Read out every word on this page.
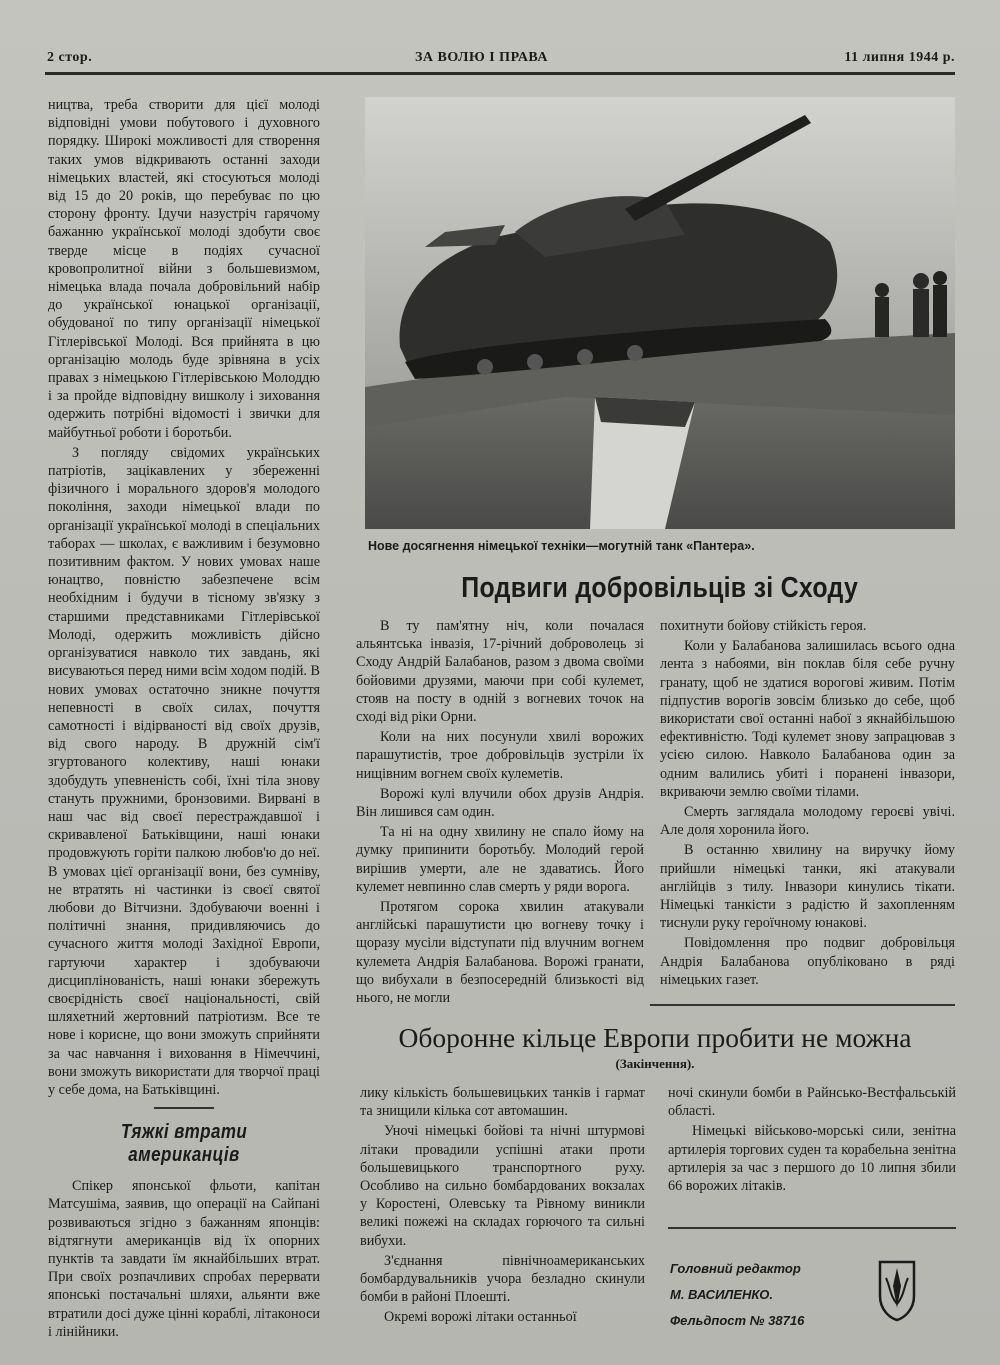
2 стор.	ЗА ВОЛЮ І ПРАВА	11 липня 1944 р.

ництва, треба створити для цієї молоді відповідні умови побутового і духовного порядку. Широкі можливості для створення таких умов відкривають останні заходи німецьких властей, які стосуються молоді від 15 до 20 років, що перебуває по цю сторону фронту. Ідучи назустріч гарячому бажанню української молоді здобути своє тверде місце в подіях сучасної кровопролитної війни з большевизмом, німецька влада почала добровільний набір до української юнацької організації, обудованої по типу організації німецької Гітлерівської Молоді. Вся прийнята в цю організацію молодь буде зрівняна в усіх правах з німецькою Гітлерівською Молоддю і за пройде відповідну вишколу і зиховання одержить потрібні відомості і звички для майбутньої роботи і боротьби.

З погляду свідомих українських патріотів, зацікавлених у збереженні фізичного і морального здоров'я молодого покоління, заходи німецької влади по організації української молоді в спеціальних таборах — школах, є важливим і безумовно позитивним фактом. У нових умовах наше юнацтво, повністю забезпечене всім необхідним і будучи в тісному зв'язку з старшими представниками Гітлерівської Молоді, одержить можливість дійсно організуватися навколо тих завдань, які виcуваються перед ними всім ходом подій. В нових умовах остаточно зникне почуття непевності в своїх силах, почуття самотності і відірваності від своїх друзів, від свого народу. В дружній сім'ї згуртованого колективу, наші юнаки здобудуть упевненість собі, їхні тіла знову стануть пружними, бронзовими. Вирвані в наш час від своєї перестраждавшої і скривавленої Батьківщини, наші юнаки продовжують горіти палкою любов'ю до неї. В умовах цієї організації вони, без сумніву, не втратять ні частинки із своєї святої любови до Вітчизни. Здобуваючи военні і політичні знання, придивляючись до сучасного життя молоді Західної Европи, гартуючи характер і здобуваючи дисциплінованість, наші юнаки збережуть своєрідність своєї національності, свій шляхетний жертовний патріотизм. Все те нове і корисне, що вони зможуть сприйняти за час навчання і виховання в Німеччині, вони зможуть використати для творчої праці у себе дома, на Батьківщині.

Тяжкі втрати американців

Спікер японської фльоти, капітан Матсушіма, заявив, що операції на Сайпані розвиваються згідно з бажанням японців: відтягнути американців від їх опорних пунктів та завдати їм якнайбільших втрат. При своїх розпачливих спробах перервати японські постачальні шляхи, альянти вже втратили досі дуже цінні кораблі, літаконоси і лінійники.

Нове досягнення німецької техніки—могутній танк «Пантера».
Подвиги добровільців зі Сходу

В ту пам'ятну ніч, коли почалася альянтська інвазія, 17-річний доброволець зі Сходу Андрій Балабанов, разом з двома своїми бойовими друзями, маючи при собі кулемет, стояв на посту в одній з вогневих точок на сході від ріки Орни.

Коли на них посунули хвилі ворожих парашутистів, трое добровільців зустріли їх нищівним вогнем своїх кулеметів.

Ворожі кулі влучили обох друзів Андрія. Він лишився сам один.

Та ні на одну хвилину не спало йому на думку припинити боротьбу. Молодий герой вирішив умерти, але не здаватись. Його кулемет невпинно слав смерть у ряди ворога.

Протягом сорока хвилин атакували англійські парашутисти цю вогневу точку і щоразу мусіли відступати під влучним вогнем кулемета Андрія Балабанова. Ворожі гранати, що вибухали в безпосередній близькості від нього, не могли

похитнути бойову стійкість героя.

Коли у Балабанова залишилась всього одна лента з набоями, він поклав біля себе ручну гранату, щоб не здатися ворогові живим. Потім підпустив ворогів зовсім близько до себе, щоб використати свої останні набої з якнайбільшою ефективністю. Тоді кулемет знову запрацював з усією силою. Навколо Балабанова один за одним валились убиті і поранені інвазори, вкриваючи землю своїми тілами.

Смерть заглядала молодому герoєві увічі. Але доля хоронила його.

В останню хвилину на виручку йому прийшли німецькі танки, які атакували англійців з тилу. Інвазори кинулись тікати. Німецькі танкісти з радістю й захопленням тиснули руку героїчному юнакові.

Повідомлення про подвиг добровільця Андрія Балабанова опубліковано в ряді німецьких газет.

Оборонне кільце Европи пробити не можна
(Закінчення).

лику кількість большевицьких танків і гармат та знищили кілька сот автомашин.

Уночі німецькі бойові та нічні штурмові літаки провадили успішні атаки проти большевицького транспортного руху. Особливо на сильно бомбардованих вокзалах у Коростені, Олевську та Рівному виникли великі пожежі на складах горючого та сильні вибухи.

З'єднання північноамериканських бомбардувальників учора безладно скинули бомби в районі Плоешті.

Окремі ворожі літаки останньої

ночі скинули бомби в Райнсько-Вестфальській області.

Німецькі військово-морські сили, зенітна артилерія торгових суден та корабельна зенітна артилерія за час з першого до 10 липня збили 66 ворожих літаків.

Головний редактор
М. ВАСИЛЕНКО.
Фельдпост № 38716
